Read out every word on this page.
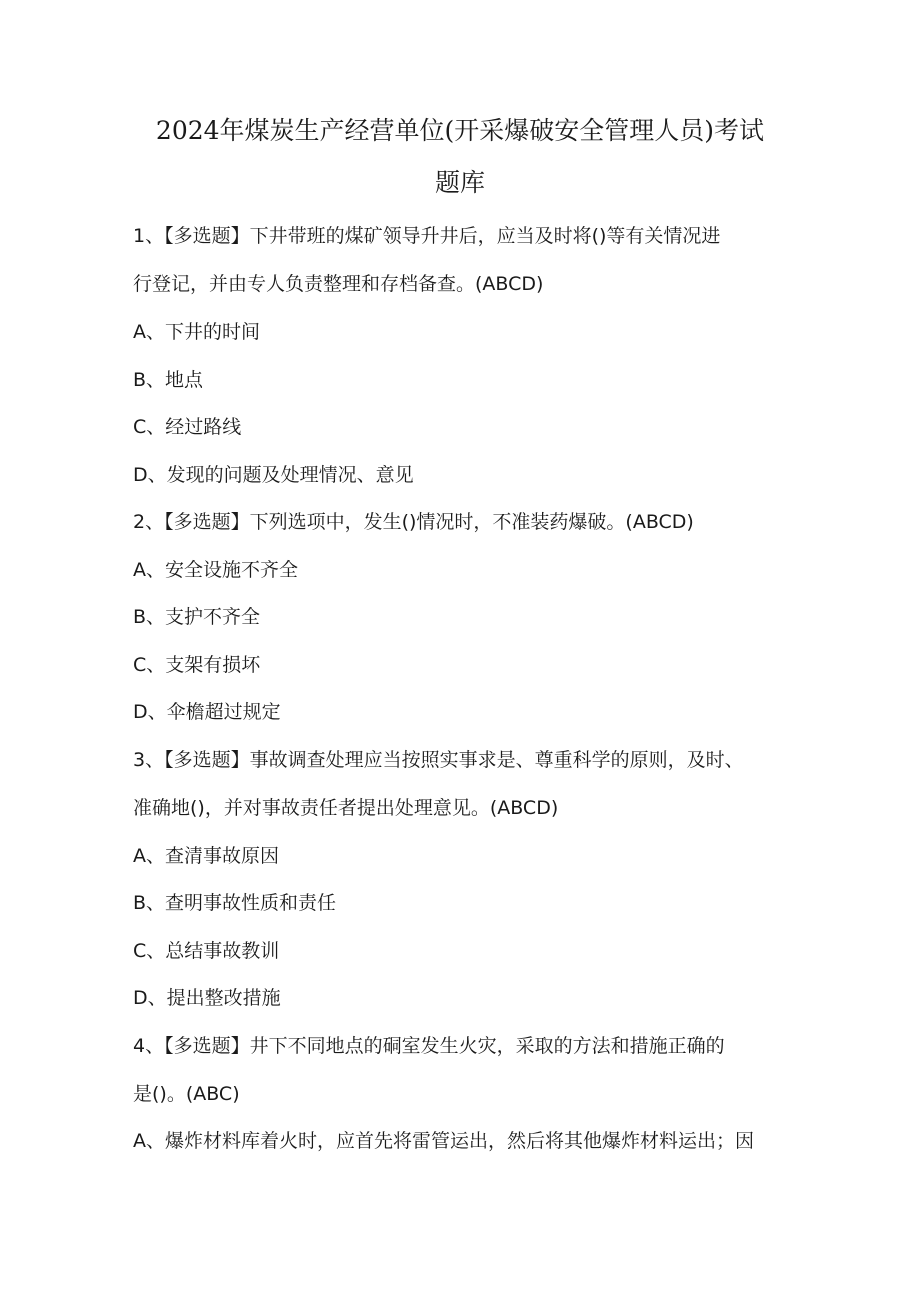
2024年煤炭生产经营单位(开采爆破安全管理人员)考试
题库
1、【多选题】下井带班的煤矿领导升井后，应当及时将()等有关情况进
行登记，并由专人负责整理和存档备查。(ABCD)
A、下井的时间
B、地点
C、经过路线
D、发现的问题及处理情况、意见
2、【多选题】下列选项中，发生()情况时，不准装药爆破。(ABCD)
A、安全设施不齐全
B、支护不齐全
C、支架有损坏
D、伞檐超过规定
3、【多选题】事故调查处理应当按照实事求是、尊重科学的原则，及时、
准确地()，并对事故责任者提出处理意见。(ABCD)
A、查清事故原因
B、查明事故性质和责任
C、总结事故教训
D、提出整改措施
4、【多选题】井下不同地点的硐室发生火灾，采取的方法和措施正确的
是()。(ABC)
A、爆炸材料库着火时，应首先将雷管运出，然后将其他爆炸材料运出；因
